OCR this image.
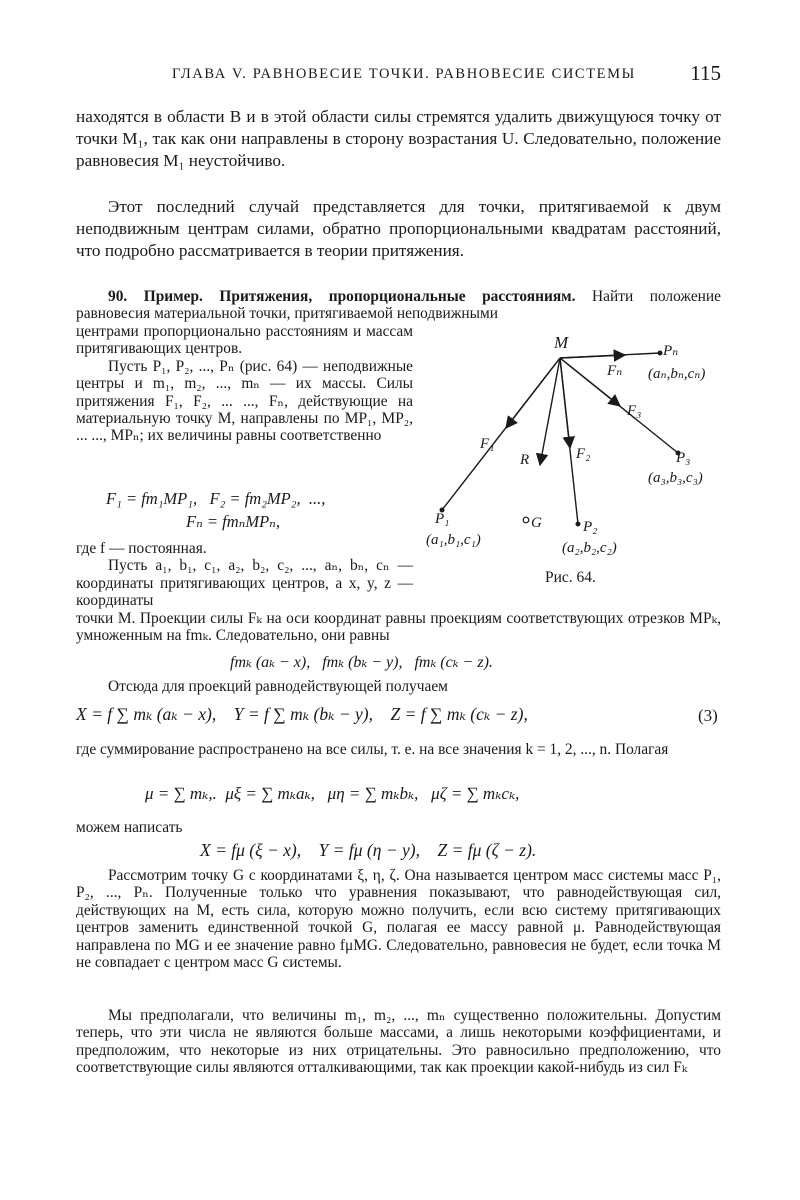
ГЛАВА V. РАВНОВЕСИЕ ТОЧКИ. РАВНОВЕСИЕ СИСТЕМЫ	115

находятся в области B и в этой области силы стремятся удалить движущуюся точку от точки M₁, так как они направлены в сторону возрастания U. Следовательно, положение равновесия M₁ неустойчиво.

Этот последний случай представляется для точки, притягиваемой к двум неподвижным центрам силами, обратно пропорциональными квадратам расстояний, что подробно рассматривается в теории притяжения.

90. Пример. Притяжения, пропорциональные расстояниям. Найти положение равновесия материальной точки, притягиваемой неподвижными

центрами пропорционально расстояниям и массам притягивающих центров.
Пусть P₁, P₂, ..., Pₙ (рис. 64) — неподвижные центры и m₁, m₂, ..., mₙ — их массы. Силы притяжения F₁, F₂, ... ..., Fₙ, действующие на материальную точку M, направлены по MP₁, MP₂, ... ..., MPₙ; их величины равны соответственно

F₁ = fm₁MP₁,   F₂ = fm₂MP₂,  ...,

Fₙ = fmₙMPₙ,

где f — постоянная.
Пусть a₁, b₁, c₁, a₂, b₂, c₂, ..., aₙ, bₙ, cₙ — координаты притягивающих центров, а x, y, z — координаты

точки M. Проекции силы Fₖ на оси координат равны проекциям соответствующих отрезков MPₖ, умноженным на fmₖ. Следовательно, они равны

fmₖ (aₖ − x),   fmₖ (bₖ − y),   fmₖ (cₖ − z).

Отсюда для проекций равнодействующей получаем

X = f ∑ mₖ (aₖ − x),    Y = f ∑ mₖ (bₖ − y),    Z = f ∑ mₖ (cₖ − z),	(3)

где суммирование распространено на все силы, т. е. на все значения k = 1, 2, ..., n. Полагая

μ = ∑ mₖ,.  μξ = ∑ mₖaₖ,   μη = ∑ mₖbₖ,   μζ = ∑ mₖcₖ,

можем написать

X = fμ (ξ − x),    Y = fμ (η − y),    Z = fμ (ζ − z).

Рассмотрим точку G с координатами ξ, η, ζ. Она называется центром масс системы масс P₁, P₂, ..., Pₙ. Полученные только что уравнения показывают, что равнодействующая сил, действующих на M, есть сила, которую можно получить, если всю систему притягивающих центров заменить единственной точкой G, полагая ее массу равной μ. Равнодействующая направлена по MG и ее значение равно fμMG. Следовательно, равновесия не будет, если точка M не совпадает с центром масс G системы.

Мы предполагали, что величины m₁, m₂, ..., mₙ существенно положительны. Допустим теперь, что эти числа не являются больше массами, а лишь некоторыми коэффициентами, и предположим, что некоторые из них отрицательны. Это равносильно предположению, что соответствующие силы являются отталкивающими, так как проекции какой-нибудь из сил Fₖ

M	Pₙ
(aₙ,bₙ,cₙ)
Fₙ
F₃
P₃
(a₃,b₃,c₃)
F₁
R	F₂
P₁
(a₁,b₁,c₁)
G	P₂
(a₂,b₂,c₂)
Рис. 64.
